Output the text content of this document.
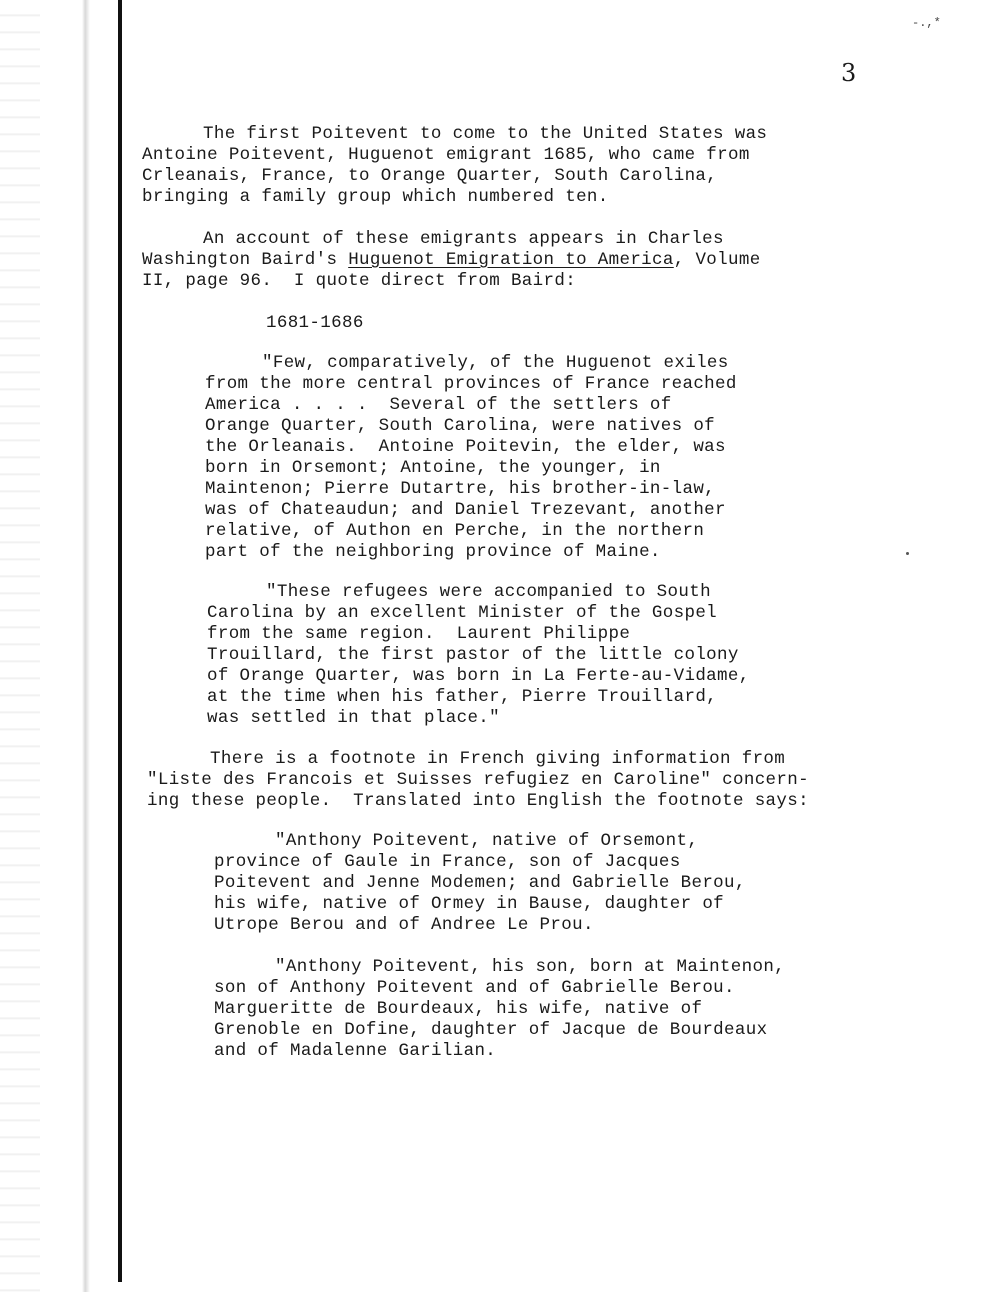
-.,*
3
The first Poitevent to come to the United States was
Antoine Poitevent, Huguenot emigrant 1685, who came from
Crleanais, France, to Orange Quarter, South Carolina,
bringing a family group which numbered ten.
An account of these emigrants appears in Charles
Washington Baird's Huguenot Emigration to America, Volume
II, page 96.  I quote direct from Baird:
1681-1686
"Few, comparatively, of the Huguenot exiles
from the more central provinces of France reached
America . . . .  Several of the settlers of
Orange Quarter, South Carolina, were natives of
the Orleanais.  Antoine Poitevin, the elder, was
born in Orsemont; Antoine, the younger, in
Maintenon; Pierre Dutartre, his brother-in-law,
was of Chateaudun; and Daniel Trezevant, another
relative, of Authon en Perche, in the northern
part of the neighboring province of Maine.
"These refugees were accompanied to South
Carolina by an excellent Minister of the Gospel
from the same region.  Laurent Philippe
Trouillard, the first pastor of the little colony
of Orange Quarter, was born in La Ferte-au-Vidame,
at the time when his father, Pierre Trouillard,
was settled in that place."
There is a footnote in French giving information from
"Liste des Francois et Suisses refugiez en Caroline" concern-
ing these people.  Translated into English the footnote says:
"Anthony Poitevent, native of Orsemont,
province of Gaule in France, son of Jacques
Poitevent and Jenne Modemen; and Gabrielle Berou,
his wife, native of Ormey in Bause, daughter of
Utrope Berou and of Andree Le Prou.
"Anthony Poitevent, his son, born at Maintenon,
son of Anthony Poitevent and of Gabrielle Berou.
Margueritte de Bourdeaux, his wife, native of
Grenoble en Dofine, daughter of Jacque de Bourdeaux
and of Madalenne Garilian.
